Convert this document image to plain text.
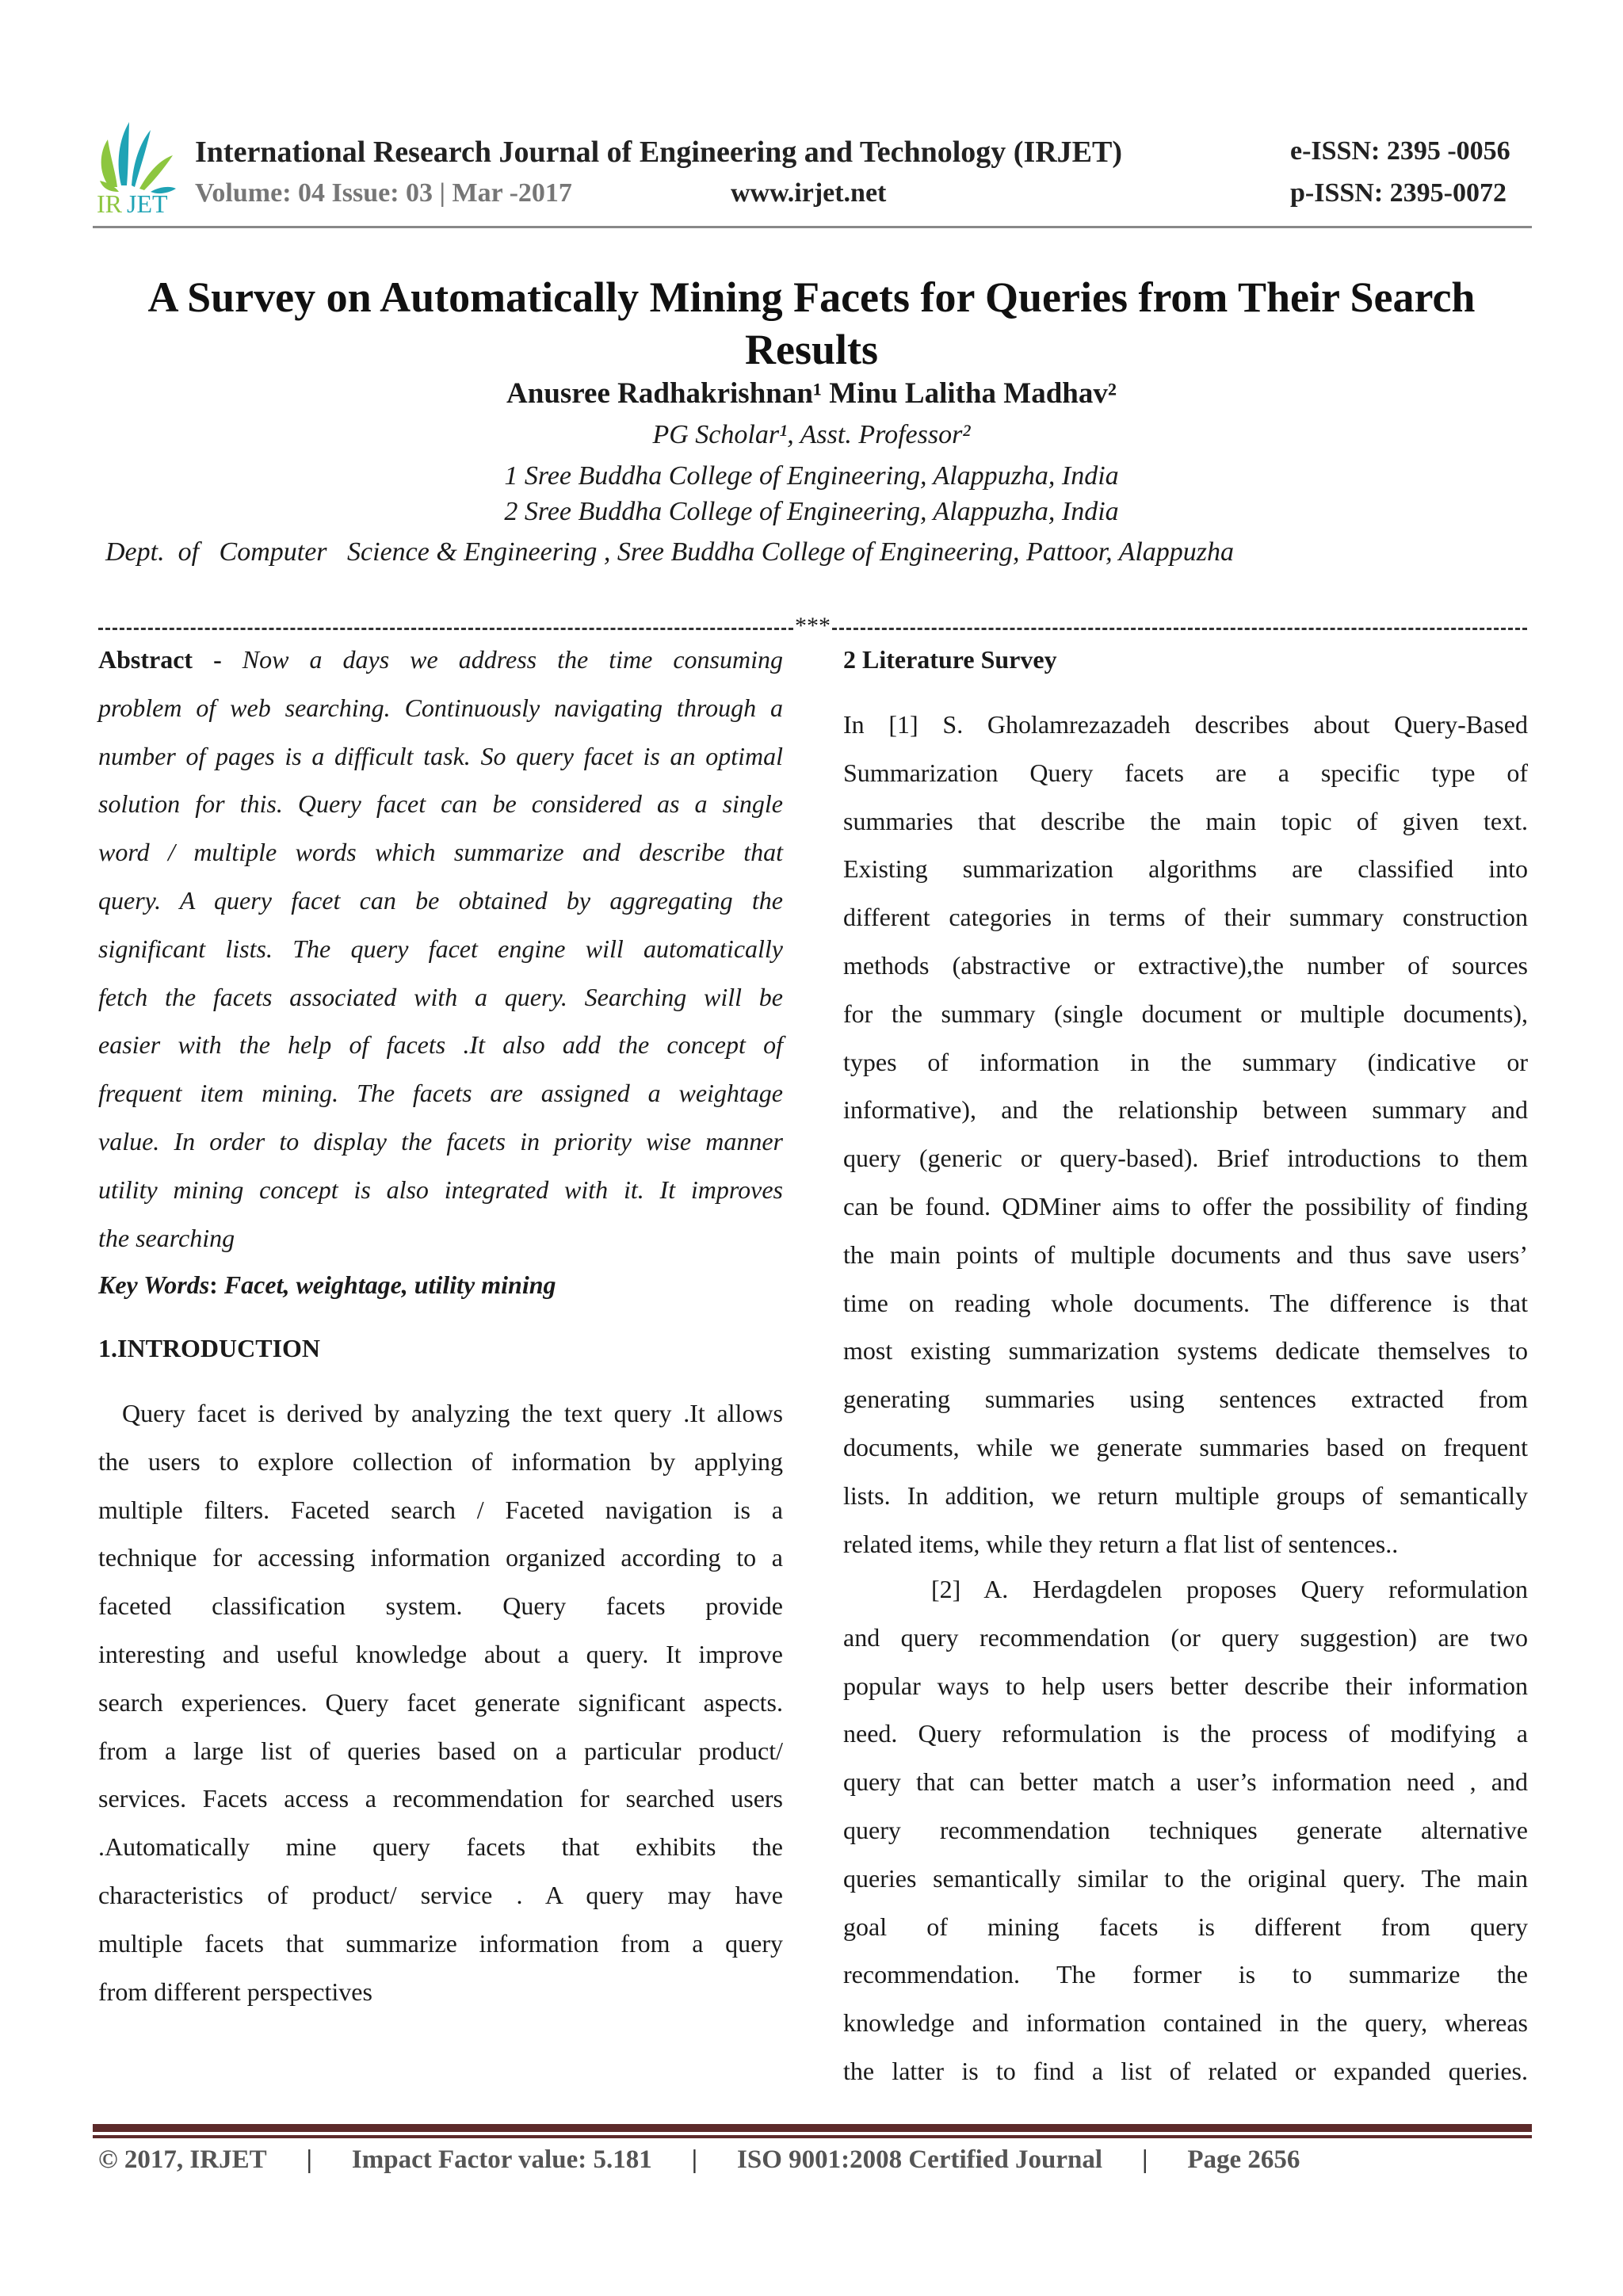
IR JET
International Research Journal of Engineering and Technology (IRJET)
Volume: 04 Issue: 03 | Mar -2017	www.irjet.net
e-ISSN: 2395 -0056
p-ISSN: 2395-0072
A Survey on Automatically Mining Facets for Queries from Their Search
Results
Anusree Radhakrishnan¹ Minu Lalitha Madhav²
PG Scholar¹, Asst. Professor²
1 Sree Buddha College of Engineering, Alappuzha, India
2 Sree Buddha College of Engineering, Alappuzha, India
Dept.  of   Computer   Science & Engineering , Sree Buddha College of Engineering, Pattoor, Alappuzha
***
Abstract - Now a days we address the time consuming
problem of web searching. Continuously navigating through a
number of pages is a difficult task. So query facet is an optimal
solution for this. Query facet can be considered as a single
word / multiple words which summarize and describe that
query. A query facet can be obtained by aggregating the
significant lists. The query facet engine will automatically
fetch the facets associated with a query. Searching will be
easier with the help of facets .It also add the concept of
frequent item mining. The facets are assigned a weightage
value. In order to display the facets in priority wise manner
utility mining concept is also integrated with it. It improves
the searching
Key Words: Facet, weightage, utility mining
1.INTRODUCTION
Query facet is derived by analyzing the text query .It allows
the users to explore collection of information by applying
multiple filters. Faceted search / Faceted navigation is a
technique for accessing information organized according to a
faceted classification system. Query facets provide
interesting and useful knowledge about a query. It improve
search experiences. Query facet generate significant aspects.
from a large list of queries based on a particular product/
services. Facets access a recommendation for searched users
.Automatically mine query facets that exhibits the
characteristics of product/ service . A query may have
multiple facets that summarize information from a query
from different perspectives
2 Literature Survey
In [1] S. Gholamrezazadeh describes about Query-Based
Summarization Query facets are a specific type of
summaries that describe the main topic of given text.
Existing summarization algorithms are classified into
different categories in terms of their summary construction
methods (abstractive or extractive),the number of sources
for the summary (single document or multiple documents),
types of information in the summary (indicative or
informative), and the relationship between summary and
query (generic or query-based). Brief introductions to them
can be found. QDMiner aims to offer the possibility of finding
the main points of multiple documents and thus save users’
time on reading whole documents. The difference is that
most existing summarization systems dedicate themselves to
generating summaries using sentences extracted from
documents, while we generate summaries based on frequent
lists. In addition, we return multiple groups of semantically
related items, while they return a flat list of sentences..
[2] A. Herdagdelen proposes Query reformulation
and query recommendation (or query suggestion) are two
popular ways to help users better describe their information
need. Query reformulation is the process of modifying a
query that can better match a user’s information need , and
query recommendation techniques generate alternative
queries semantically similar to the original query. The main
goal of mining facets is different from query
recommendation. The former is to summarize the
knowledge and information contained in the query, whereas
the latter is to find a list of related or expanded queries.
© 2017, IRJET | Impact Factor value: 5.181 | ISO 9001:2008 Certified Journal | Page 2656
